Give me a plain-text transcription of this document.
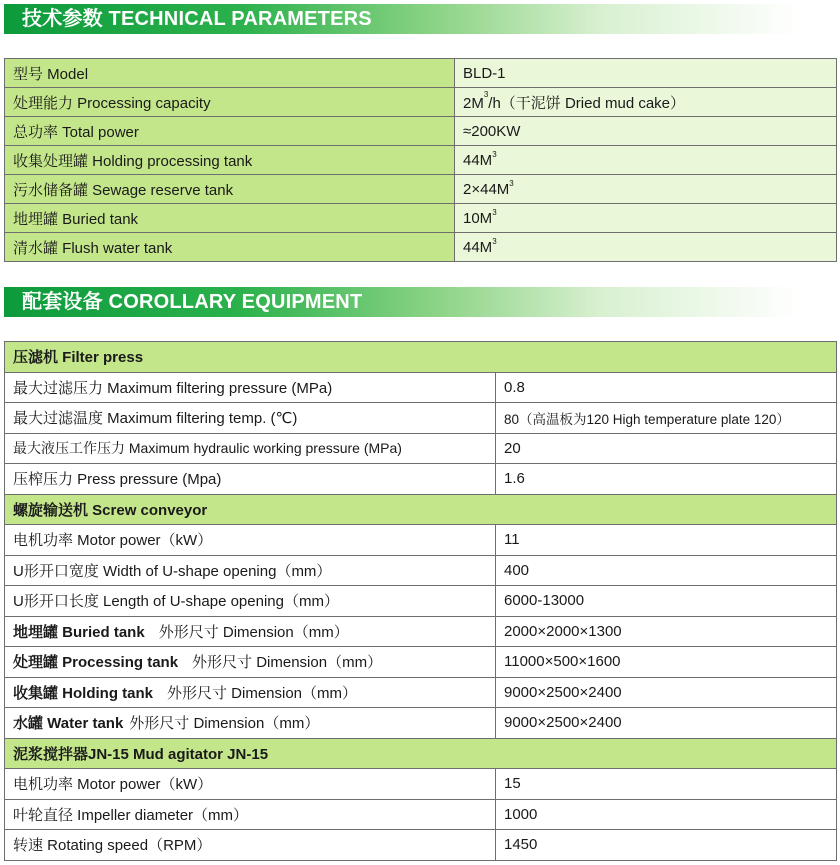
技术参数 TECHNICAL PARAMETERS
型号 Model	BLD-1
处理能力 Processing capacity	$2M^3/h$（干泥饼 Dried mud cake）
总功率 Total power	≈200KW
收集处理罐 Holding processing tank	$44M^3$
污水储备罐 Sewage reserve tank	$2\times 44M^3$
地埋罐 Buried tank	$10M^3$
清水罐 Flush water tank	$44M^3$
配套设备 COROLLARY EQUIPMENT
压滤机 Filter press	
最大过滤压力 Maximum filtering pressure (MPa)	0.8
最大过滤温度 Maximum filtering temp. (℃)	80（高温板为120 High temperature plate 120）
最大液压工作压力 Maximum hydraulic working pressure (MPa)	20
压榨压力 Press pressure (Mpa)	1.6
螺旋输送机 Screw conveyor	
电机功率 Motor power（kW）	11
U形开口宽度 Width of U-shape opening（mm）	400
U形开口长度 Length of U-shape opening（mm）	6000-13000
地埋罐 Buried tank 外形尺寸 Dimension（mm）	2000×2000×1300
处理罐 Processing tank 外形尺寸 Dimension（mm）	11000×500×1600
收集罐 Holding tank 外形尺寸 Dimension（mm）	9000×2500×2400
水罐 Water tank 外形尺寸 Dimension（mm）	9000×2500×2400
泥浆搅拌器JN-15 Mud agitator JN-15	
电机功率 Motor power（kW）	15
叶轮直径 Impeller diameter（mm）	1000
转速 Rotating speed（RPM）	1450
